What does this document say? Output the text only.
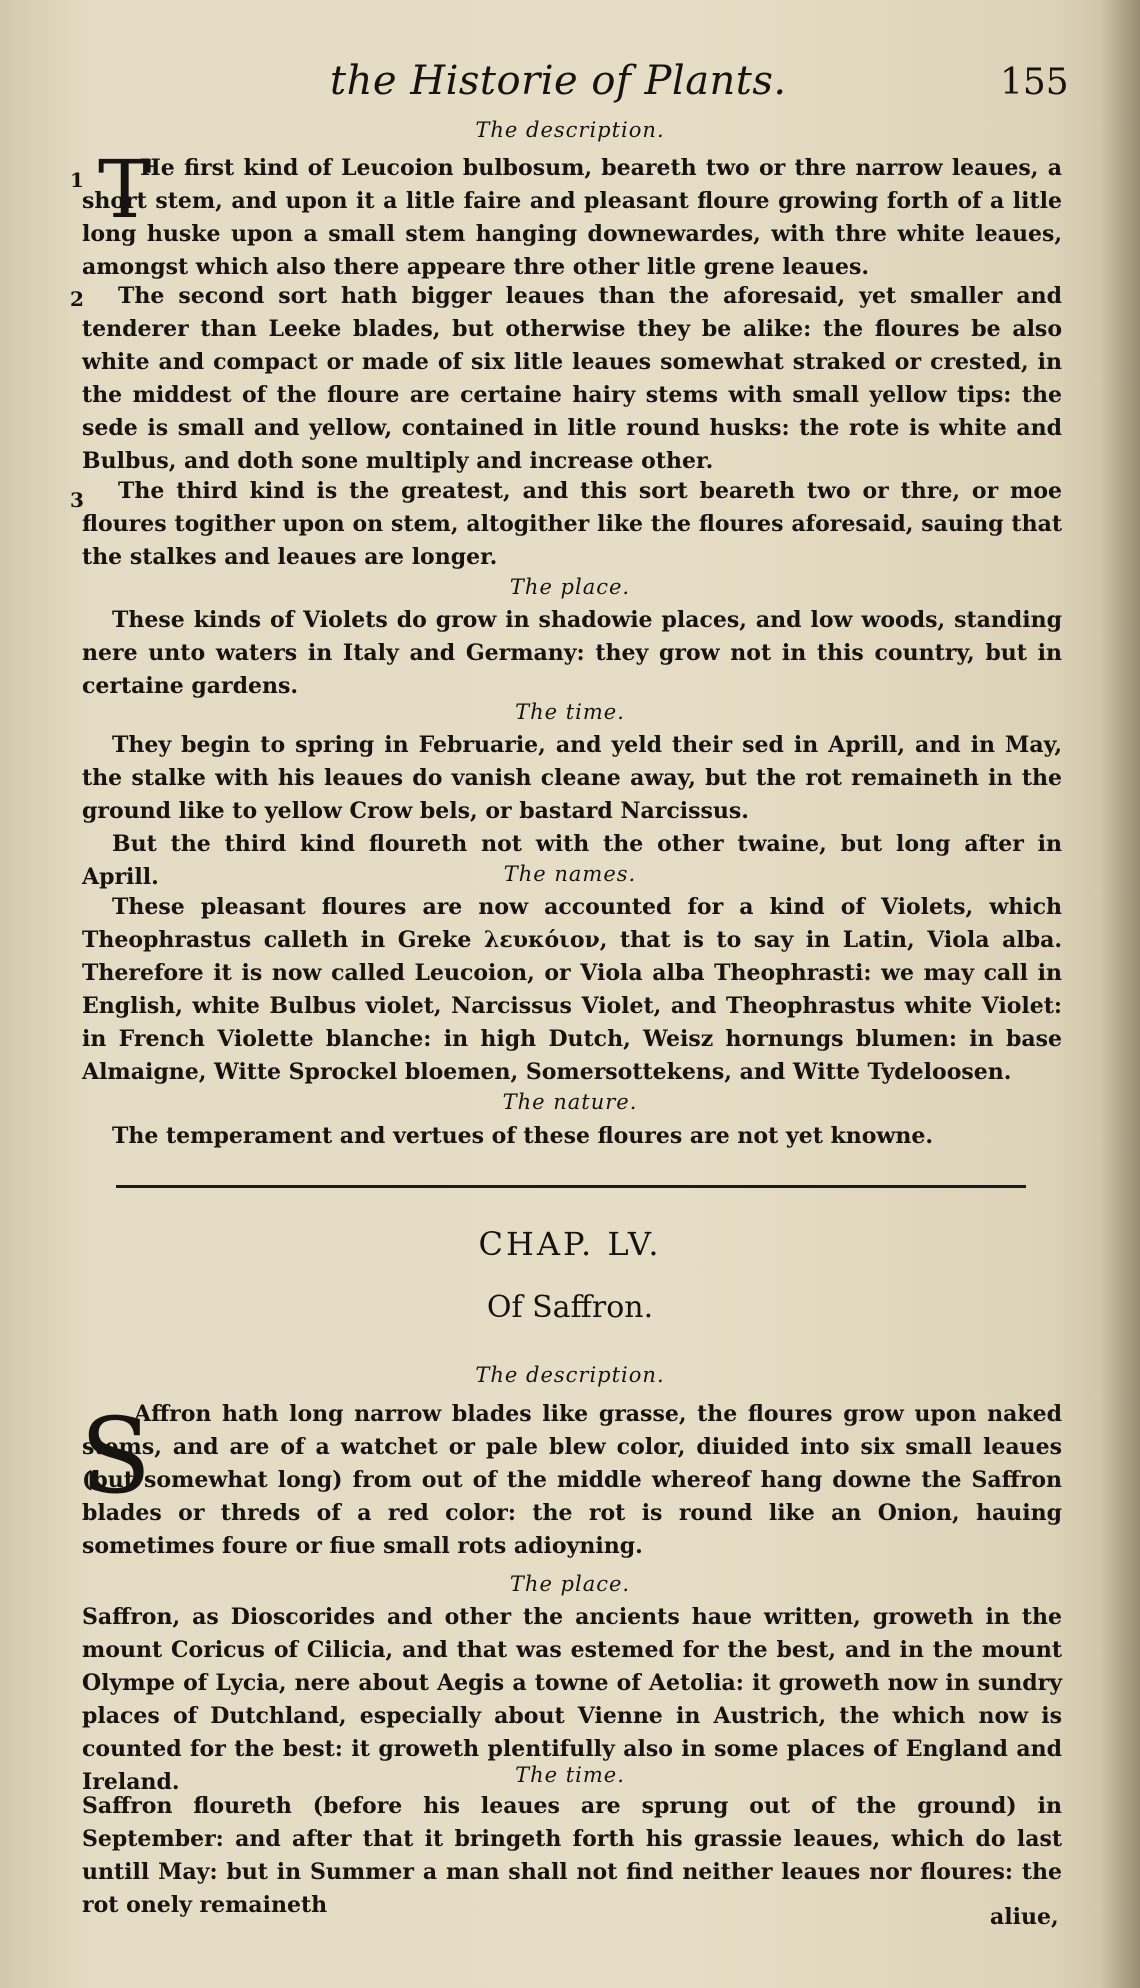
the Historie of Plants.	155
The description.
1 T

He first kind of Leucoion bulbosum, beareth two or thre narrow leaues, a short stem, and upon it a litle faire and pleasant floure growing forth of a litle long huske upon a small stem hanging downewardes, with thre white leaues, amongst which also there appeare thre other litle grene leaues.

2	The second sort hath bigger leaues than the aforesaid, yet smaller and tenderer than Leeke blades, but otherwise they be alike: the floures be also white and compact or made of six litle leaues somewhat straked or crested, in the middest of the floure are certaine hairy stems with small yellow tips: the sede is small and yellow, contained in litle round husks: the rote is white and Bulbus, and doth sone multiply and increase other.

3	The third kind is the greatest, and this sort beareth two or thre, or moe floures togither upon on stem, altogither like the floures aforesaid, sauing that the stalkes and leaues are longer.

The place.

These kinds of Violets do grow in shadowie places, and low woods, standing nere unto waters in Italy and Germany: they grow not in this country, but in certaine gardens.

The time.

They begin to spring in Februarie, and yeld their sed in Aprill, and in May, the stalke with his leaues do vanish cleane away, but the rot remaineth in the ground like to yellow Crow bels, or bastard Narcissus.

But the third kind floureth not with the other twaine, but long after in Aprill.	The names.

These pleasant floures are now accounted for a kind of Violets, which Theophrastus calleth in Greke λευκόιον, that is to say in Latin, Viola alba. Therefore it is now called Leucoion, or Viola alba Theophrasti: we may call in English, white Bulbus violet, Narcissus Violet, and Theophrastus white Violet: in French Violette blanche: in high Dutch, Weisz hornungs blumen: in base Almaigne, Witte Sprockel bloemen, Somersottekens, and Witte Tydeloosen.

The nature.

The temperament and vertues of these floures are not yet knowne.

CHAP. LV.
Of Saffron.
The description.
S

Affron hath long narrow blades like grasse, the floures grow upon naked stems, and are of a watchet or pale blew color, diuided into six small leaues (but somewhat long) from out of the middle whereof hang downe the Saffron blades or threds of a red color: the rot is round like an Onion, hauing sometimes foure or fiue small rots adioyning.

The place.

Saffron, as Dioscorides and other the ancients haue written, groweth in the mount Coricus of Cilicia, and that was estemed for the best, and in the mount Olympe of Lycia, nere about Aegis a towne of Aetolia: it groweth now in sundry places of Dutchland, especially about Vienne in Austrich, the which now is counted for the best: it groweth plentifully also in some places of England and Ireland.	The time.

Saffron floureth (before his leaues are sprung out of the ground) in September: and after that it bringeth forth his grassie leaues, which do last untill May: but in Summer a man shall not find neither leaues nor floures: the rot onely remaineth	aliue,
